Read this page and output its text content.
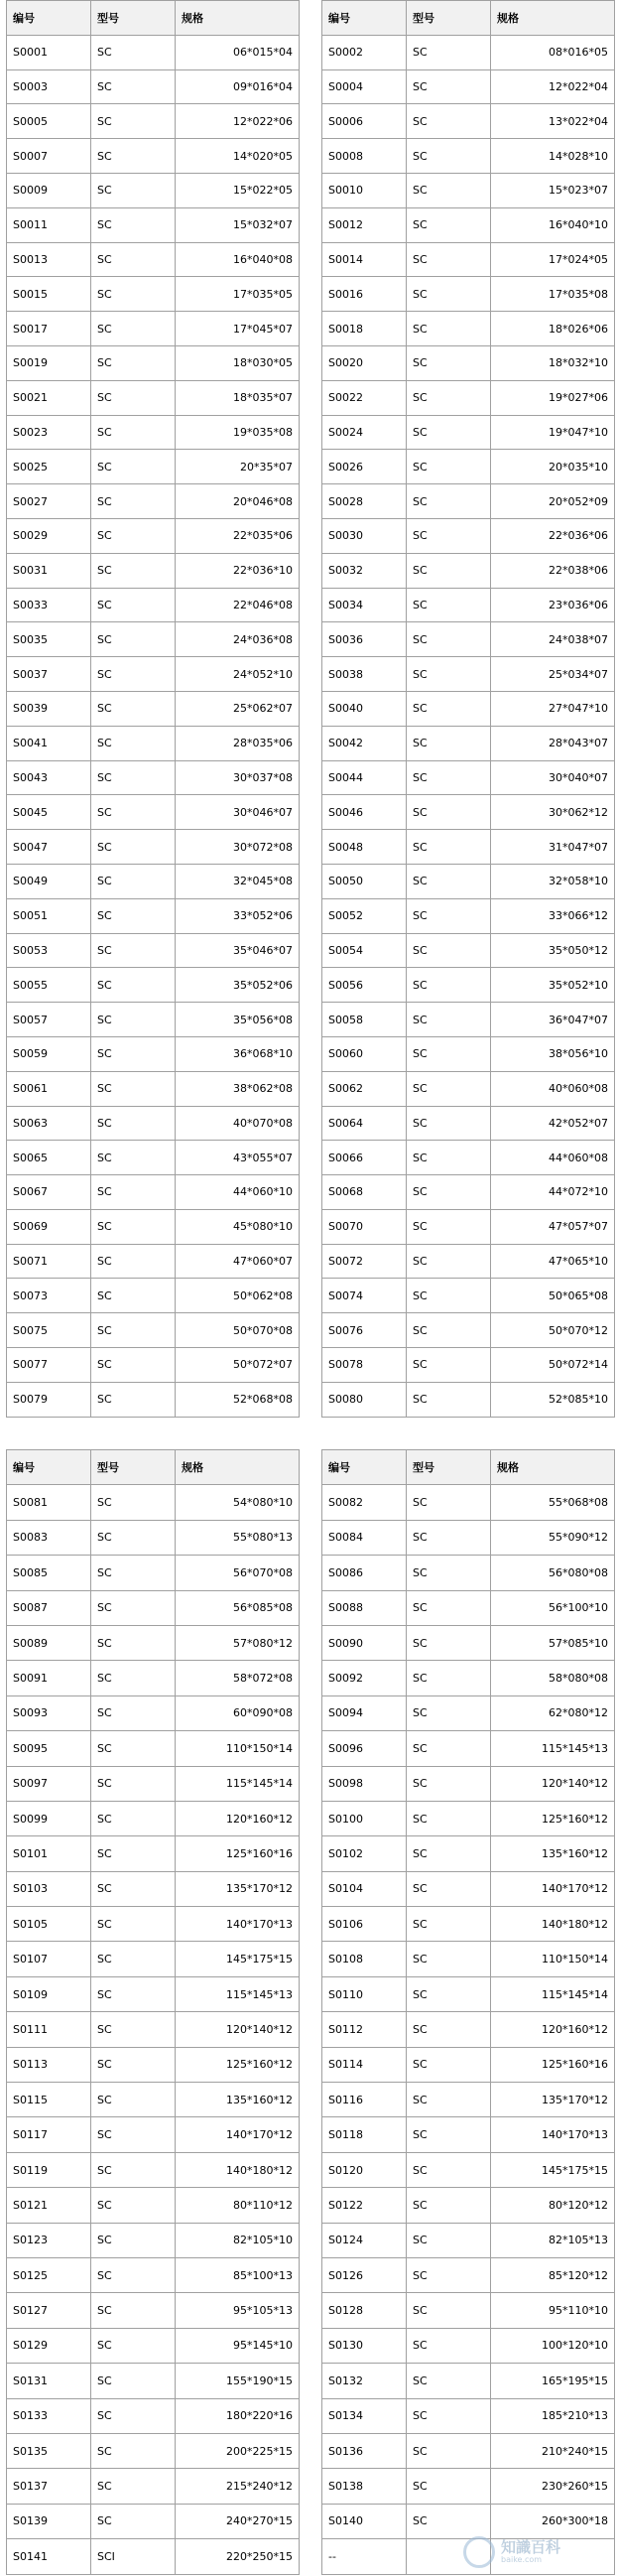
编号	型号	规格		编号	型号	规格
S0001	SC	06*015*04		S0002	SC	08*016*05
S0003	SC	09*016*04		S0004	SC	12*022*04
S0005	SC	12*022*06		S0006	SC	13*022*04
S0007	SC	14*020*05		S0008	SC	14*028*10
S0009	SC	15*022*05		S0010	SC	15*023*07
S0011	SC	15*032*07		S0012	SC	16*040*10
S0013	SC	16*040*08		S0014	SC	17*024*05
S0015	SC	17*035*05		S0016	SC	17*035*08
S0017	SC	17*045*07		S0018	SC	18*026*06
S0019	SC	18*030*05		S0020	SC	18*032*10
S0021	SC	18*035*07		S0022	SC	19*027*06
S0023	SC	19*035*08		S0024	SC	19*047*10
S0025	SC	20*35*07		S0026	SC	20*035*10
S0027	SC	20*046*08		S0028	SC	20*052*09
S0029	SC	22*035*06		S0030	SC	22*036*06
S0031	SC	22*036*10		S0032	SC	22*038*06
S0033	SC	22*046*08		S0034	SC	23*036*06
S0035	SC	24*036*08		S0036	SC	24*038*07
S0037	SC	24*052*10		S0038	SC	25*034*07
S0039	SC	25*062*07		S0040	SC	27*047*10
S0041	SC	28*035*06		S0042	SC	28*043*07
S0043	SC	30*037*08		S0044	SC	30*040*07
S0045	SC	30*046*07		S0046	SC	30*062*12
S0047	SC	30*072*08		S0048	SC	31*047*07
S0049	SC	32*045*08		S0050	SC	32*058*10
S0051	SC	33*052*06		S0052	SC	33*066*12
S0053	SC	35*046*07		S0054	SC	35*050*12
S0055	SC	35*052*06		S0056	SC	35*052*10
S0057	SC	35*056*08		S0058	SC	36*047*07
S0059	SC	36*068*10		S0060	SC	38*056*10
S0061	SC	38*062*08		S0062	SC	40*060*08
S0063	SC	40*070*08		S0064	SC	42*052*07
S0065	SC	43*055*07		S0066	SC	44*060*08
S0067	SC	44*060*10		S0068	SC	44*072*10
S0069	SC	45*080*10		S0070	SC	47*057*07
S0071	SC	47*060*07		S0072	SC	47*065*10
S0073	SC	50*062*08		S0074	SC	50*065*08
S0075	SC	50*070*08		S0076	SC	50*070*12
S0077	SC	50*072*07		S0078	SC	50*072*14
S0079	SC	52*068*08		S0080	SC	52*085*10
编号	型号	规格		编号	型号	规格
S0081	SC	54*080*10		S0082	SC	55*068*08
S0083	SC	55*080*13		S0084	SC	55*090*12
S0085	SC	56*070*08		S0086	SC	56*080*08
S0087	SC	56*085*08		S0088	SC	56*100*10
S0089	SC	57*080*12		S0090	SC	57*085*10
S0091	SC	58*072*08		S0092	SC	58*080*08
S0093	SC	60*090*08		S0094	SC	62*080*12
S0095	SC	110*150*14		S0096	SC	115*145*13
S0097	SC	115*145*14		S0098	SC	120*140*12
S0099	SC	120*160*12		S0100	SC	125*160*12
S0101	SC	125*160*16		S0102	SC	135*160*12
S0103	SC	135*170*12		S0104	SC	140*170*12
S0105	SC	140*170*13		S0106	SC	140*180*12
S0107	SC	145*175*15		S0108	SC	110*150*14
S0109	SC	115*145*13		S0110	SC	115*145*14
S0111	SC	120*140*12		S0112	SC	120*160*12
S0113	SC	125*160*12		S0114	SC	125*160*16
S0115	SC	135*160*12		S0116	SC	135*170*12
S0117	SC	140*170*12		S0118	SC	140*170*13
S0119	SC	140*180*12		S0120	SC	145*175*15
S0121	SC	80*110*12		S0122	SC	80*120*12
S0123	SC	82*105*10		S0124	SC	82*105*13
S0125	SC	85*100*13		S0126	SC	85*120*12
S0127	SC	95*105*13		S0128	SC	95*110*10
S0129	SC	95*145*10		S0130	SC	100*120*10
S0131	SC	155*190*15		S0132	SC	165*195*15
S0133	SC	180*220*16		S0134	SC	185*210*13
S0135	SC	200*225*15		S0136	SC	210*240*15
S0137	SC	215*240*12		S0138	SC	230*260*15
S0139	SC	240*270*15		S0140	SC	260*300*18
S0141	SCI	220*250*15		--			知識百科
baike.com
